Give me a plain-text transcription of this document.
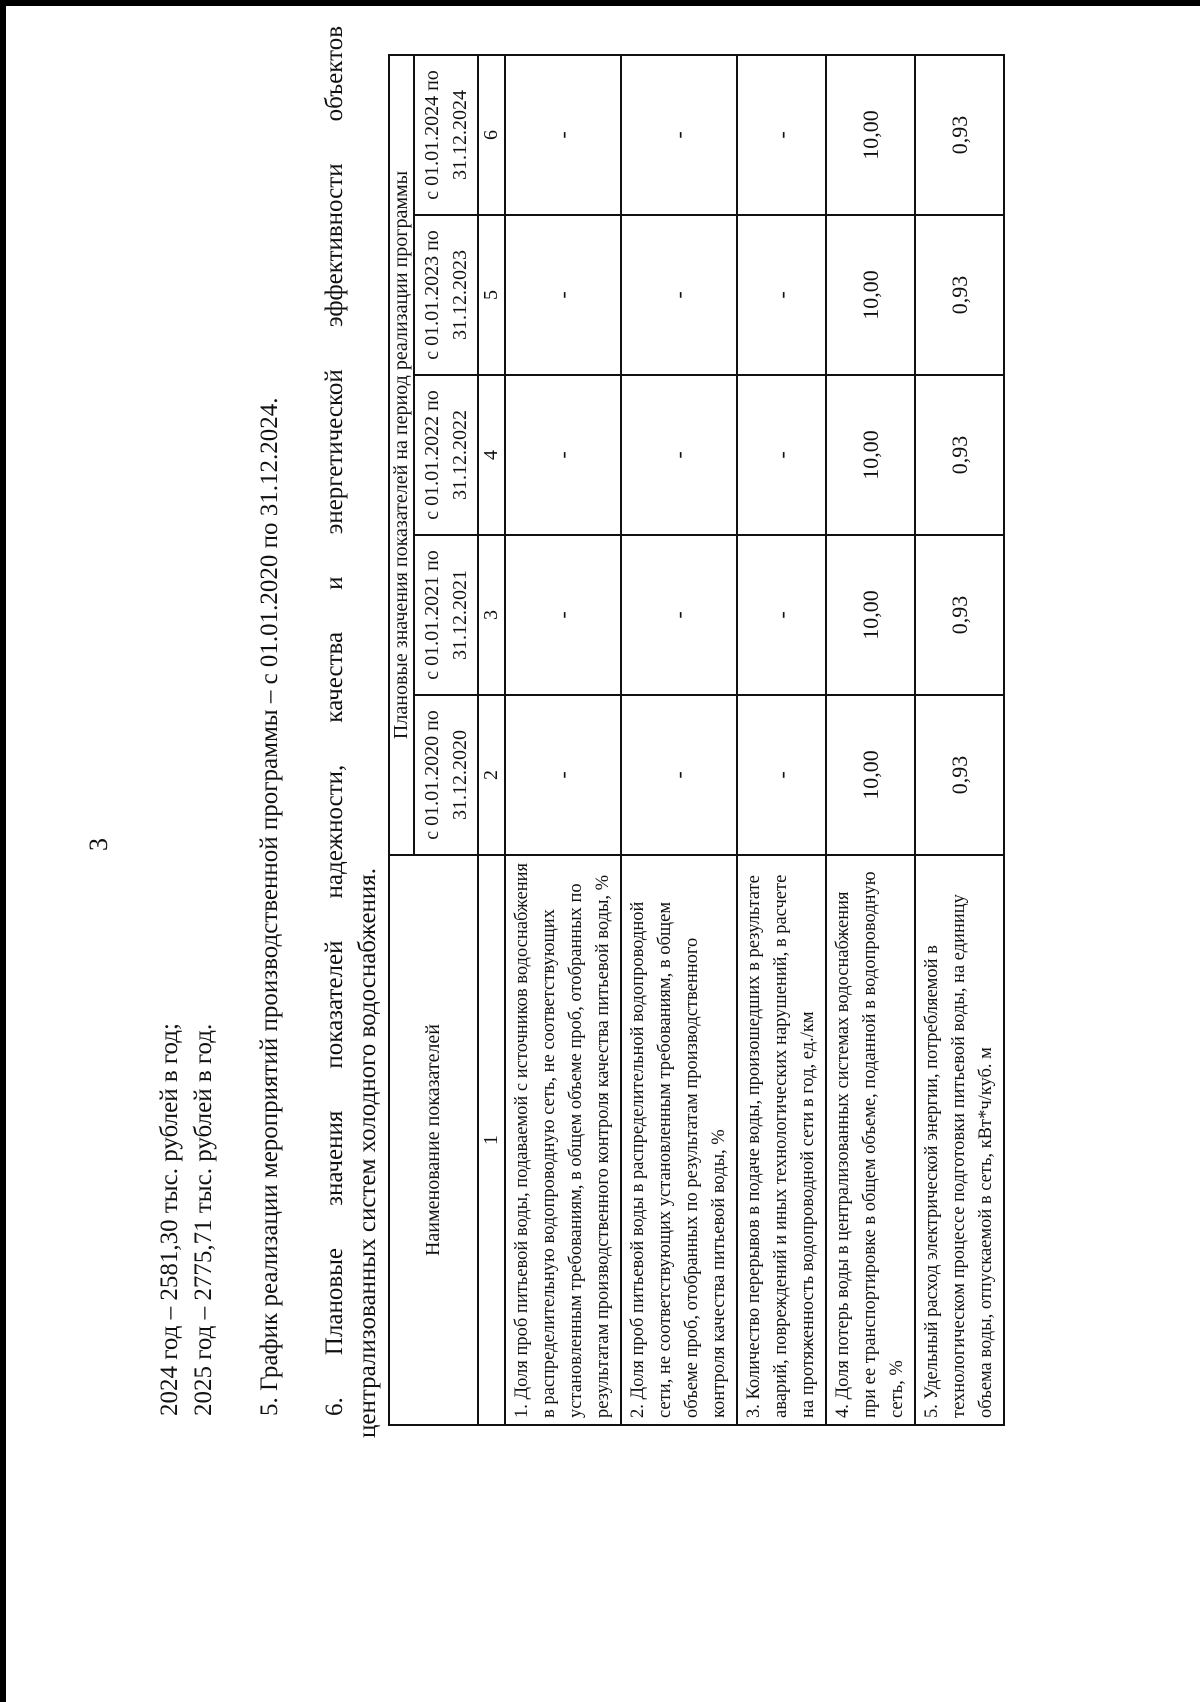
3
2024 год – 2581,30 тыс. рублей в год; 2025 год – 2775,71 тыс. рублей в год. 5. График реализации мероприятий производственной программы – с 01.01.2020 по 31.12.2024. 6.
Плановые
значения
показателей
надежности,
качества
и
энергетической
эффективности
объектов
централизованных систем холодного водоснабжения. Наименование показателей	Плановые значения показателей на период реализации программы				
	с 01.01.2020 по 31.12.2020	с 01.01.2021 по 31.12.2021	с 01.01.2022 по 31.12.2022	с 01.01.2023 по 31.12.2023	с 01.01.2024 по 31.12.2024
1	2	3	4	5	6
1. Доля проб питьевой воды, подаваемой с источников водоснабжения в распределительную водопроводную сеть, не соответствующих установленным требованиям, в общем объеме проб, отобранных по результатам производственного контроля качества питьевой воды, %	-	-	-	-	-
2. Доля проб питьевой воды в распределительной водопроводной сети, не соответствующих установленным требованиям, в общем объеме проб, отобранных по результатам производственного контроля качества питьевой воды, %	-	-	-	-	-
3. Количество перерывов в подаче воды, произошедших в результате аварий, повреждений и иных технологических нарушений, в расчете на протяженность водопроводной сети в год, ед./км	-	-	-	-	-
4. Доля потерь воды в централизованных системах водоснабжения при ее транспортировке в общем объеме, поданной в водопроводную сеть, %	10,00	10,00	10,00	10,00	10,00
5. Удельный расход электрической энергии, потребляемой в технологическом процессе подготовки питьевой воды, на единицу объема воды, отпускаемой в сеть, кВт*ч/куб. м	0,93	0,93	0,93	0,93	0,93
